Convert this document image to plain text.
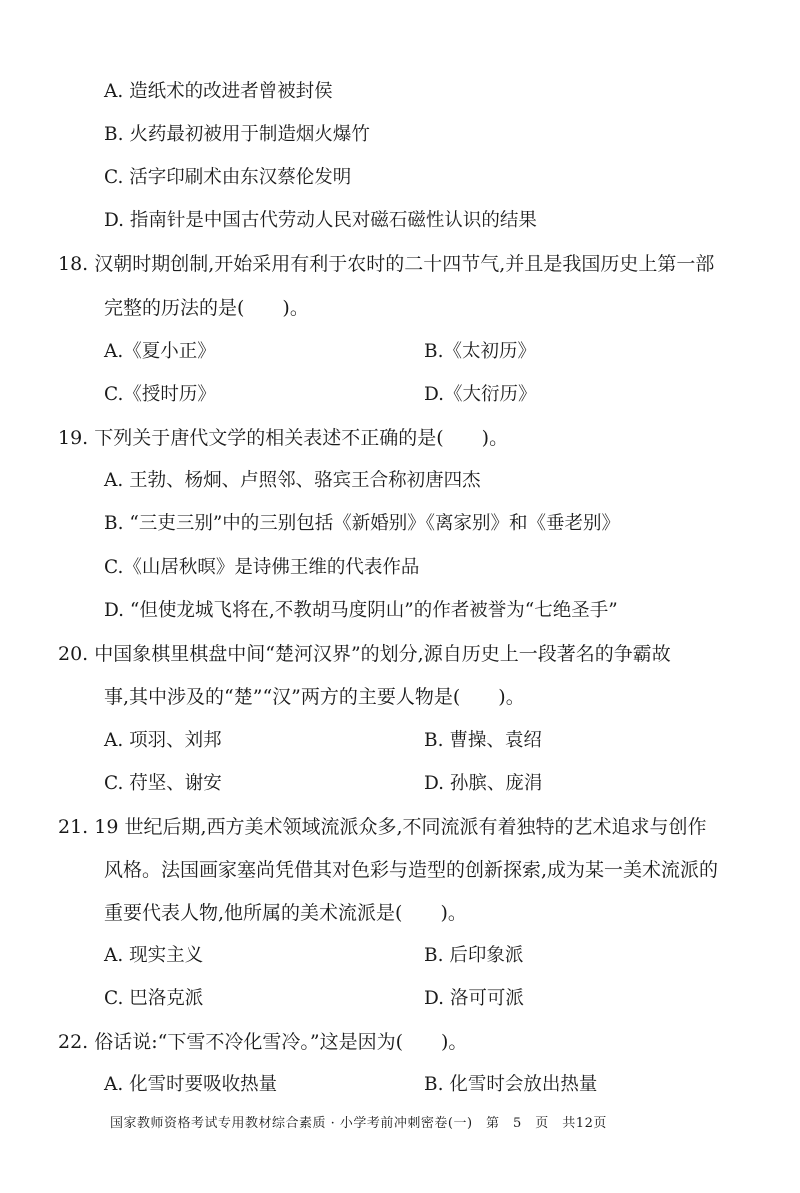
A. 造纸术的改进者曾被封侯
B. 火药最初被用于制造烟火爆竹
C. 活字印刷术由东汉蔡伦发明
D. 指南针是中国古代劳动人民对磁石磁性认识的结果
18. 汉朝时期创制,开始采用有利于农时的二十四节气,并且是我国历史上第一部
完整的历法的是(　　)。
A.《夏小正》	B.《太初历》
C.《授时历》	D.《大衍历》
19. 下列关于唐代文学的相关表述不正确的是(　　)。
A. 王勃、杨炯、卢照邻、骆宾王合称初唐四杰
B. “三吏三别”中的三别包括《新婚别》《离家别》和《垂老别》
C.《山居秋暝》是诗佛王维的代表作品
D. “但使龙城飞将在,不教胡马度阴山”的作者被誉为“七绝圣手”
20. 中国象棋里棋盘中间“楚河汉界”的划分,源自历史上一段著名的争霸故
事,其中涉及的“楚”“汉”两方的主要人物是(　　)。
A. 项羽、刘邦	B. 曹操、袁绍
C. 苻坚、谢安	D. 孙膑、庞涓
21. 19 世纪后期,西方美术领域流派众多,不同流派有着独特的艺术追求与创作
风格。法国画家塞尚凭借其对色彩与造型的创新探索,成为某一美术流派的
重要代表人物,他所属的美术流派是(　　)。
A. 现实主义	B. 后印象派
C. 巴洛克派	D. 洛可可派
22. 俗话说:“下雪不冷化雪冷。”这是因为(　　)。
A. 化雪时要吸收热量	B. 化雪时会放出热量
国家教师资格考试专用教材综合素质 · 小学考前冲刺密卷(一)　第　5　页　共12页
